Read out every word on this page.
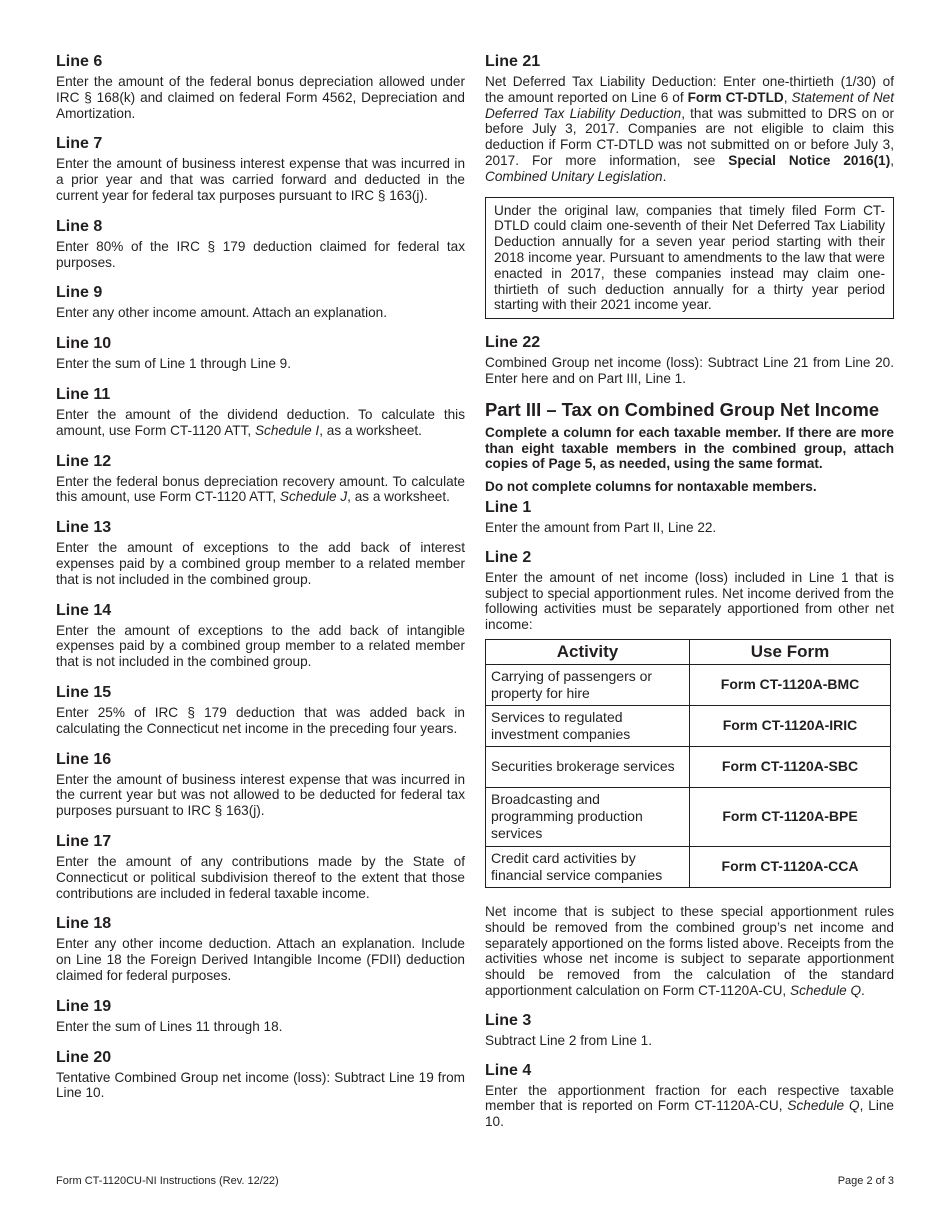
Line 6

Enter the amount of the federal bonus depreciation allowed under IRC § 168(k) and claimed on federal Form 4562, Depreciation and Amortization.

Line 7

Enter the amount of business interest expense that was incurred in a prior year and that was carried forward and deducted in the current year for federal tax purposes pursuant to IRC § 163(j).

Line 8

Enter 80% of the IRC § 179 deduction claimed for federal tax purposes.

Line 9

Enter any other income amount. Attach an explanation.

Line 10

Enter the sum of Line 1 through Line 9.

Line 11

Enter the amount of the dividend deduction. To calculate this amount, use Form CT-1120 ATT, Schedule I, as a worksheet.

Line 12

Enter the federal bonus depreciation recovery amount. To calculate this amount, use Form CT-1120 ATT, Schedule J, as a worksheet.

Line 13

Enter the amount of exceptions to the add back of interest expenses paid by a combined group member to a related member that is not included in the combined group.

Line 14

Enter the amount of exceptions to the add back of intangible expenses paid by a combined group member to a related member that is not included in the combined group.

Line 15

Enter 25% of IRC § 179 deduction that was added back in calculating the Connecticut net income in the preceding four years.

Line 16

Enter the amount of business interest expense that was incurred in the current year but was not allowed to be deducted for federal tax purposes pursuant to IRC § 163(j).

Line 17

Enter the amount of any contributions made by the State of Connecticut or political subdivision thereof to the extent that those contributions are included in federal taxable income.

Line 18

Enter any other income deduction. Attach an explanation. Include on Line 18 the Foreign Derived Intangible Income (FDII) deduction claimed for federal purposes.

Line 19

Enter the sum of Lines 11 through 18.

Line 20

Tentative Combined Group net income (loss): Subtract Line 19 from Line 10.

Line 21

Net Deferred Tax Liability Deduction: Enter one-thirtieth (1/30) of the amount reported on Line 6 of Form CT-DTLD, Statement of Net Deferred Tax Liability Deduction, that was submitted to DRS on or before July 3, 2017. Companies are not eligible to claim this deduction if Form CT-DTLD was not submitted on or before July 3, 2017. For more information, see Special Notice 2016(1), Combined Unitary Legislation.

Under the original law, companies that timely filed Form CT-DTLD could claim one-seventh of their Net Deferred Tax Liability Deduction annually for a seven year period starting with their 2018 income year. Pursuant to amendments to the law that were enacted in 2017, these companies instead may claim one-thirtieth of such deduction annually for a thirty year period starting with their 2021 income year.

Line 22

Combined Group net income (loss): Subtract Line 21 from Line 20. Enter here and on Part III, Line 1.

Part III – Tax on Combined Group Net Income

Complete a column for each taxable member. If there are more than eight taxable members in the combined group, attach copies of Page 5, as needed, using the same format.

Do not complete columns for nontaxable members.

Line 1

Enter the amount from Part II, Line 22.

Line 2

Enter the amount of net income (loss) included in Line 1 that is subject to special apportionment rules. Net income derived from the following activities must be separately apportioned from other net income:

Activity	Use Form
Carrying of passengers or property for hire	Form CT-1120A-BMC
Services to regulated investment companies	Form CT-1120A-IRIC
Securities brokerage services	Form CT-1120A-SBC
Broadcasting and programming production services	Form CT-1120A-BPE
Credit card activities by financial service companies	Form CT-1120A-CCA

Net income that is subject to these special apportionment rules should be removed from the combined group’s net income and separately apportioned on the forms listed above. Receipts from the activities whose net income is subject to separate apportionment should be removed from the calculation of the standard apportionment calculation on Form CT-1120A-CU, Schedule Q.

Line 3

Subtract Line 2 from Line 1.

Line 4

Enter the apportionment fraction for each respective taxable member that is reported on Form CT-1120A-CU, Schedule Q, Line 10.

Form CT-1120CU-NI Instructions (Rev. 12/22)	Page 2 of 3
